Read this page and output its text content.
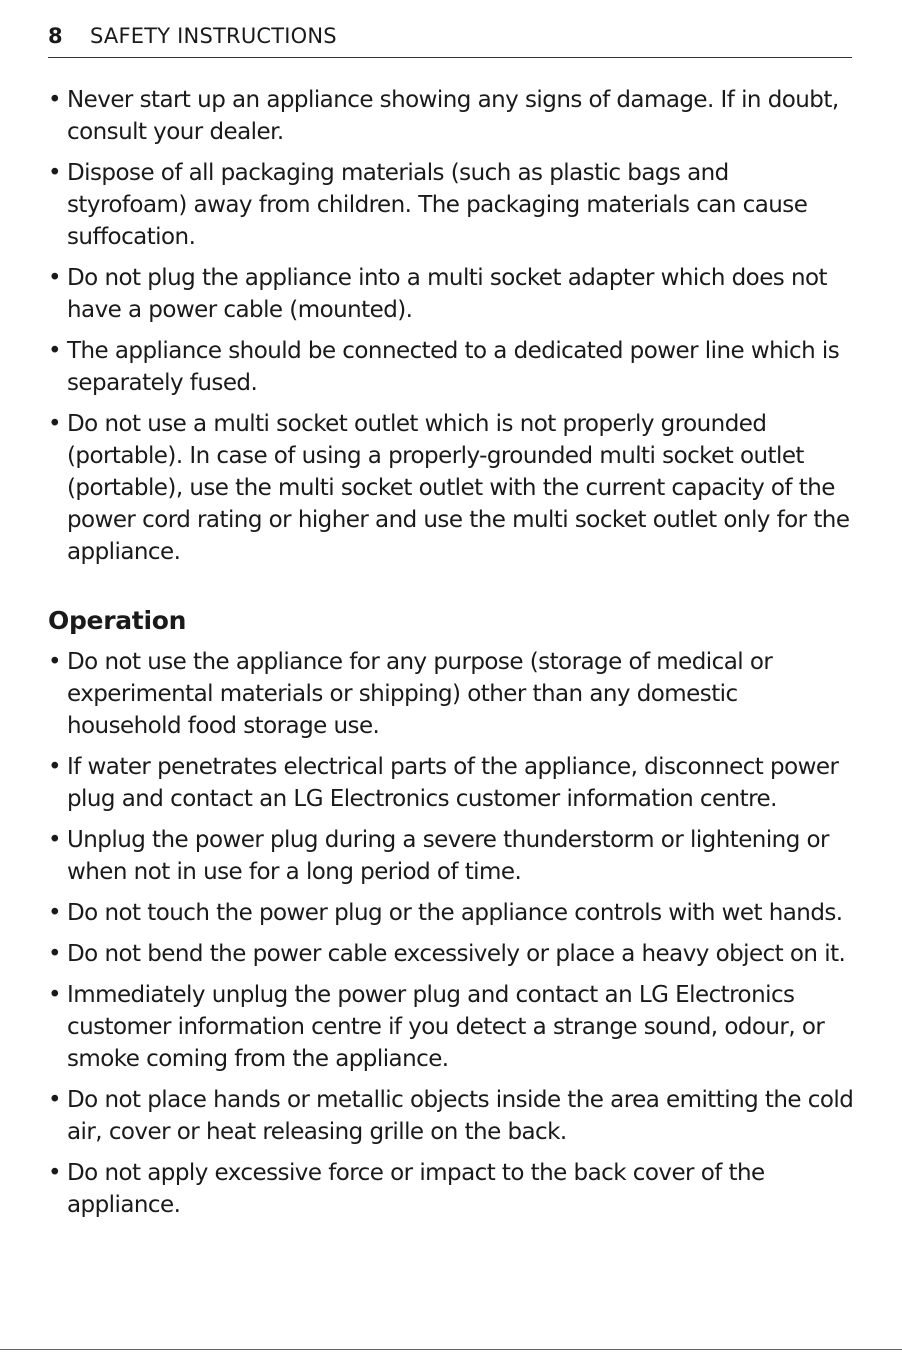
8 SAFETY INSTRUCTIONS
• Never start up an appliance showing any signs of damage. If in doubt, consult your dealer.
• Dispose of all packaging materials (such as plastic bags and styrofoam) away from children. The packaging materials can cause suffocation.
• Do not plug the appliance into a multi socket adapter which does not have a power cable (mounted).
• The appliance should be connected to a dedicated power line which is separately fused.
• Do not use a multi socket outlet which is not properly grounded (portable). In case of using a properly-grounded multi socket outlet (portable), use the multi socket outlet with the current capacity of the power cord rating or higher and use the multi socket outlet only for the appliance.
Operation
• Do not use the appliance for any purpose (storage of medical or experimental materials or shipping) other than any domestic household food storage use.
• If water penetrates electrical parts of the appliance, disconnect power plug and contact an LG Electronics customer information centre.
• Unplug the power plug during a severe thunderstorm or lightening or when not in use for a long period of time.
• Do not touch the power plug or the appliance controls with wet hands.
• Do not bend the power cable excessively or place a heavy object on it.
• Immediately unplug the power plug and contact an LG Electronics customer information centre if you detect a strange sound, odour, or smoke coming from the appliance.
• Do not place hands or metallic objects inside the area emitting the cold air, cover or heat releasing grille on the back.
• Do not apply excessive force or impact to the back cover of the appliance.
